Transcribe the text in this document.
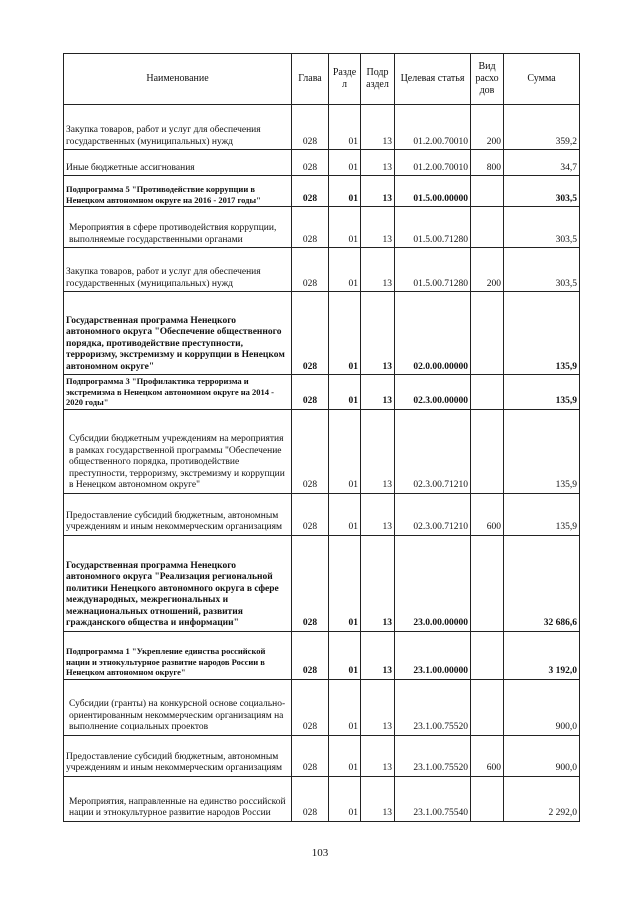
Наименование	Глава	Разде л	Подр аздел	Целевая статья	Вид расхо дов	Сумма
Закупка товаров, работ и услуг для обеспечения государственных (муниципальных) нужд	028	01	13	01.2.00.70010	200	359,2
Иные бюджетные ассигнования	028	01	13	01.2.00.70010	800	34,7
Подпрограмма 5 "Противодействие коррупции в Ненецком автономном округе на 2016 - 2017 годы"	028	01	13	01.5.00.00000		303,5
Мероприятия в сфере противодействия коррупции, выполняемые государственными органами	028	01	13	01.5.00.71280		303,5
Закупка товаров, работ и услуг для обеспечения государственных (муниципальных) нужд	028	01	13	01.5.00.71280	200	303,5
Государственная программа Ненецкого автономного округа "Обеспечение общественного порядка, противодействие преступности, терроризму, экстремизму и коррупции в Ненецком автономном округе"	028	01	13	02.0.00.00000		135,9
Подпрограмма 3 "Профилактика терроризма и экстремизма в Ненецком автономном округе на 2014 - 2020 годы"	028	01	13	02.3.00.00000		135,9
Субсидии бюджетным учреждениям на мероприятия в рамках государственной программы "Обеспечение общественного порядка, противодействие преступности, терроризму, экстремизму и коррупции в Ненецком автономном округе"	028	01	13	02.3.00.71210		135,9
Предоставление субсидий бюджетным, автономным учреждениям и иным некоммерческим организациям	028	01	13	02.3.00.71210	600	135,9
Государственная программа Ненецкого автономного округа "Реализация региональной политики Ненецкого автономного округа в сфере международных, межрегиональных и межнациональных отношений, развития гражданского общества и информации"	028	01	13	23.0.00.00000		32 686,6
Подпрограмма 1 "Укрепление единства российской нации и этнокультурное развитие народов России в Ненецком автономном округе"	028	01	13	23.1.00.00000		3 192,0
Субсидии (гранты) на конкурсной основе социально-ориентированным некоммерческим организациям на выполнение социальных проектов	028	01	13	23.1.00.75520		900,0
Предоставление субсидий бюджетным, автономным учреждениям и иным некоммерческим организациям	028	01	13	23.1.00.75520	600	900,0
Мероприятия, направленные на единство российской нации и этнокультурное развитие народов России	028	01	13	23.1.00.75540		2 292,0
103
